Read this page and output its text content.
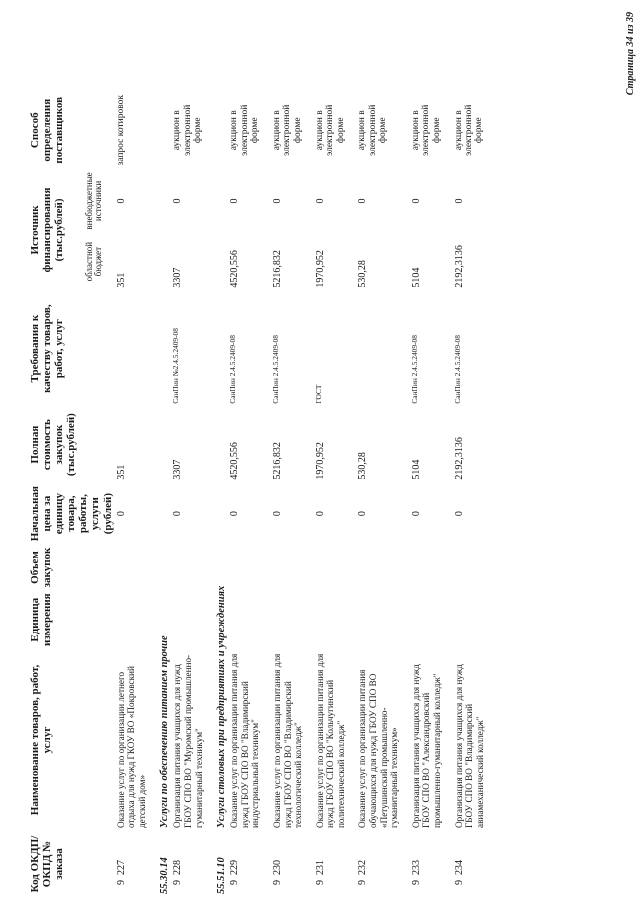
Код ОКДП/ ОКПД № заказа	Наименование товаров, работ, услуг	Единица измерения	Объем закупок	Начальная цена за единицу товара, работы, услуги (рублей)	Полная стоимость закупок (тыс.рублей)	Требования к качеству товаров, работ, услуг	Источник финансирования (тыс.рублей)		Способ определения поставщиков
							областной бюджет	внебюджетные источники	
9227	Оказание услуг по организации летнего отдыха для нужд ГКОУ ВО «Покровский детский дом»			0	351		351	0	запрос котировок
55.30.14	Услуги по обеспечению питанием прочие								
9228	Организация питания учащихся для нужд ГБОУ СПО ВО "Муромский промышленно-гуманитарный техникум"			0	3307	СанПин №2.4.5.2409-08	3307	0	аукцион в электронной форме
55.51.10	Услуги столовых при предприятиях и учреждениях								
9229	Оказание услуг по организации питания для нужд ГБОУ СПО ВО "Владимирский индустриальный техникум"			0	4520,556	СанПин 2.4.5.2409-08	4520,556	0	аукцион в электронной форме
9230	Оказание услуг по организации питания для нужд ГБОУ СПО ВО "Владимирский технологический колледж"			0	5216,832	СанПин 2.4.5.2409-08	5216,832	0	аукцион в электронной форме
9231	Оказание услуг по организации питания для нужд ГБОУ СПО ВО "Кольчугинский политехнический колледж"			0	1970,952	ГОСТ	1970,952	0	аукцион в электронной форме
9232	Оказание услуг по организации питания обучающихся для нужд ГБОУ СПО ВО «Петушинский промышленно-гуманитарный техникум»			0	530,28		530,28	0	аукцион в электронной форме
9233	Организация питания учащихся для нужд ГБОУ СПО ВО "Александровский промышленно-гуманитарный колледж"			0	5104	СанПин 2.4.5.2409-08	5104	0	аукцион в электронной форме
9234	Организация питания учащихся для нужд ГБОУ СПО ВО "Владимирский авиамеханический колледж"			0	2192,3136	СанПин 2.4.5.2409-08	2192,3136	0	аукцион в электронной форме
Страница 34 из 39
